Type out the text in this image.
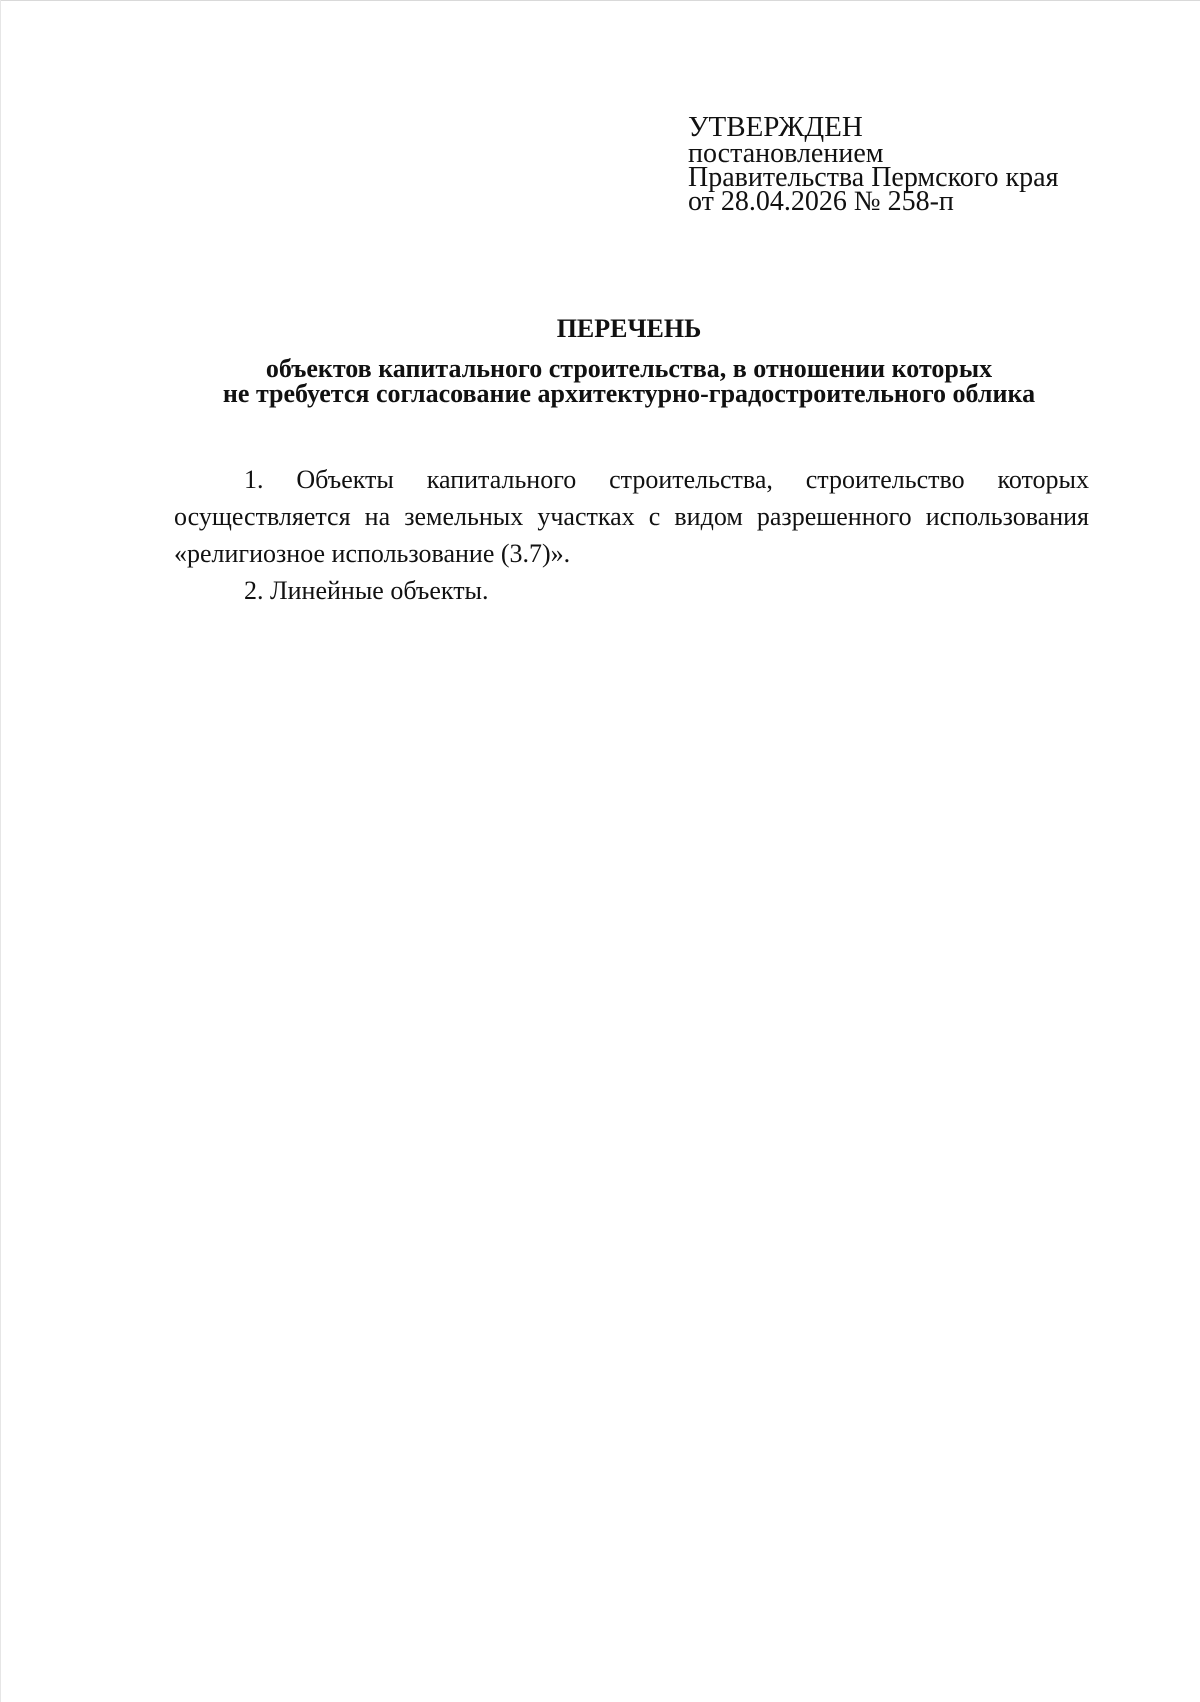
УТВЕРЖДЕН
постановлением
Правительства Пермского края
от 28.04.2026 № 258-п
ПЕРЕЧЕНЬ
объектов капитального строительства, в отношении которых
не требуется согласование архитектурно-градостроительного облика

1. Объекты капитального строительства, строительство которых осуществляется на земельных участках с видом разрешенного использования «религиозное использование (3.7)».

2. Линейные объекты.
